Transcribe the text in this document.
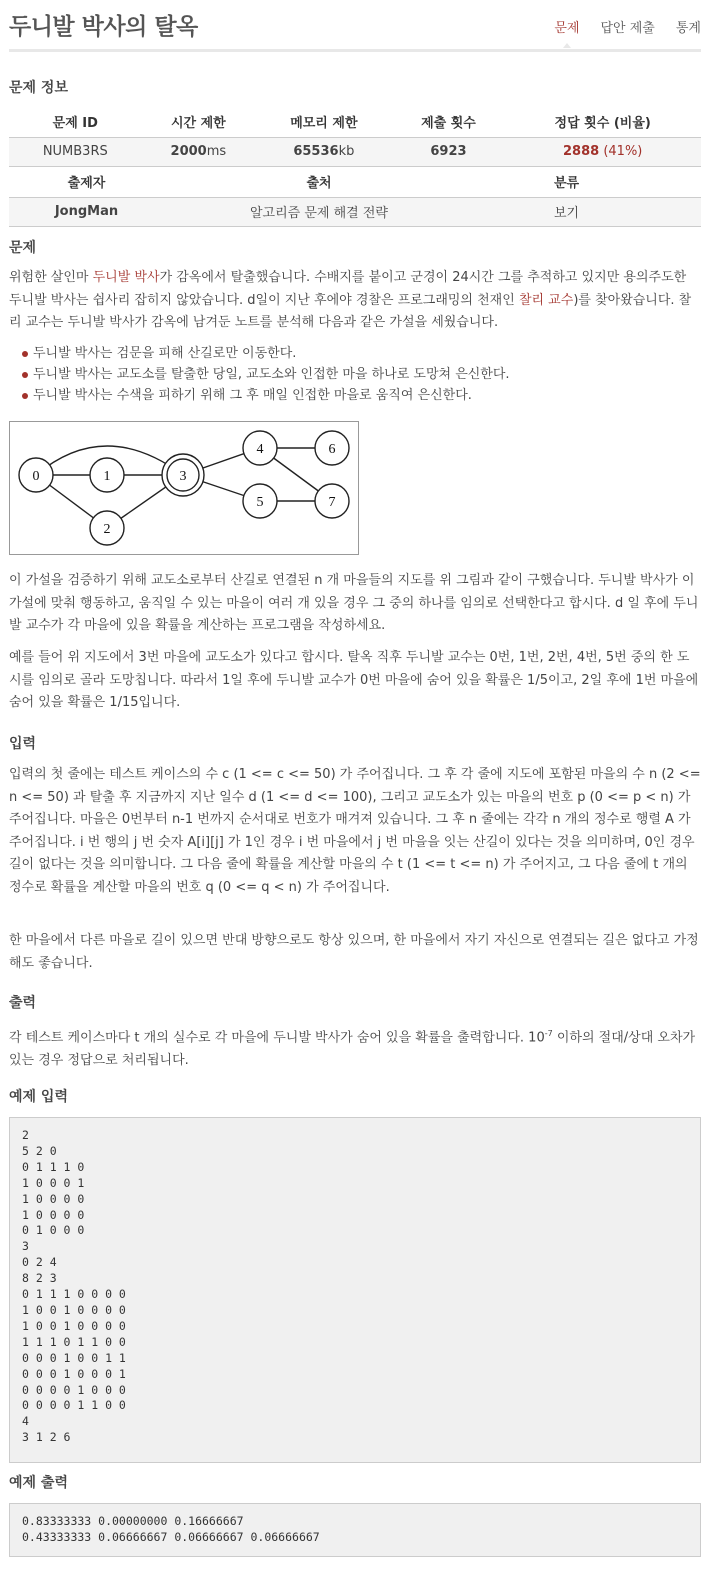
두니발 박사의 탈옥	문제 답안 제출 통계
문제 정보
문제 ID	시간 제한	메모리 제한	제출 횟수	정답 횟수 (비율)
NUMB3RS	2000ms	65536kb	6923	2888 (41%)
출제자	출처	분류
JongMan	알고리즘 문제 해결 전략	보기
문제
위험한 살인마 두니발 박사가 감옥에서 탈출했습니다. 수배지를 붙이고 군경이 24시간 그를 추적하고 있지만 용의주도한 두니발 박사는 쉽사리 잡히지 않았습니다. d일이 지난 후에야 경찰은 프로그래밍의 천재인 찰리 교수)를 찾아왔습니다. 찰리 교수는 두니발 박사가 감옥에 남겨둔 노트를 분석해 다음과 같은 가설을 세웠습니다.
두니발 박사는 검문을 피해 산길로만 이동한다.
두니발 박사는 교도소를 탈출한 당일, 교도소와 인접한 마을 하나로 도망쳐 은신한다.
두니발 박사는 수색을 피하기 위해 그 후 매일 인접한 마을로 움직여 은신한다.
0	1
2
3
4
5
6
7
이 가설을 검증하기 위해 교도소로부터 산길로 연결된 n 개 마을들의 지도를 위 그림과 같이 구했습니다. 두니발 박사가 이 가설에 맞춰 행동하고, 움직일 수 있는 마을이 여러 개 있을 경우 그 중의 하나를 임의로 선택한다고 합시다. d 일 후에 두니발 교수가 각 마을에 있을 확률을 계산하는 프로그램을 작성하세요.
예를 들어 위 지도에서 3번 마을에 교도소가 있다고 합시다. 탈옥 직후 두니발 교수는 0번, 1번, 2번, 4번, 5번 중의 한 도시를 임의로 골라 도망칩니다. 따라서 1일 후에 두니발 교수가 0번 마을에 숨어 있을 확률은 1/5이고, 2일 후에 1번 마을에 숨어 있을 확률은 1/15입니다.
입력
입력의 첫 줄에는 테스트 케이스의 수 c (1 <= c <= 50) 가 주어집니다. 그 후 각 줄에 지도에 포함된 마을의 수 n (2 <= n <= 50) 과 탈출 후 지금까지 지난 일수 d (1 <= d <= 100), 그리고 교도소가 있는 마을의 번호 p (0 <= p < n) 가 주어집니다. 마을은 0번부터 n-1 번까지 순서대로 번호가 매겨져 있습니다. 그 후 n 줄에는 각각 n 개의 정수로 행렬 A 가 주어집니다. i 번 행의 j 번 숫자 A[i][j] 가 1인 경우 i 번 마을에서 j 번 마을을 잇는 산길이 있다는 것을 의미하며, 0인 경우 길이 없다는 것을 의미합니다. 그 다음 줄에 확률을 계산할 마을의 수 t (1 <= t <= n) 가 주어지고, 그 다음 줄에 t 개의 정수로 확률을 계산할 마을의 번호 q (0 <= q < n) 가 주어집니다.
한 마을에서 다른 마을로 길이 있으면 반대 방향으로도 항상 있으며, 한 마을에서 자기 자신으로 연결되는 길은 없다고 가정해도 좋습니다.
출력
각 테스트 케이스마다 t 개의 실수로 각 마을에 두니발 박사가 숨어 있을 확률을 출력합니다. $10^{-7}$ 이하의 절대/상대 오차가 있는 경우 정답으로 처리됩니다.
예제 입력
2
5 2 0
0 1 1 1 0
1 0 0 0 1
1 0 0 0 0
1 0 0 0 0
0 1 0 0 0
3
0 2 4
8 2 3
0 1 1 1 0 0 0 0
1 0 0 1 0 0 0 0
1 0 0 1 0 0 0 0
1 1 1 0 1 1 0 0
0 0 0 1 0 0 1 1
0 0 0 1 0 0 0 1
0 0 0 0 1 0 0 0
0 0 0 0 1 1 0 0
4
3 1 2 6
예제 출력
0.83333333 0.00000000 0.16666667
0.43333333 0.06666667 0.06666667 0.06666667
